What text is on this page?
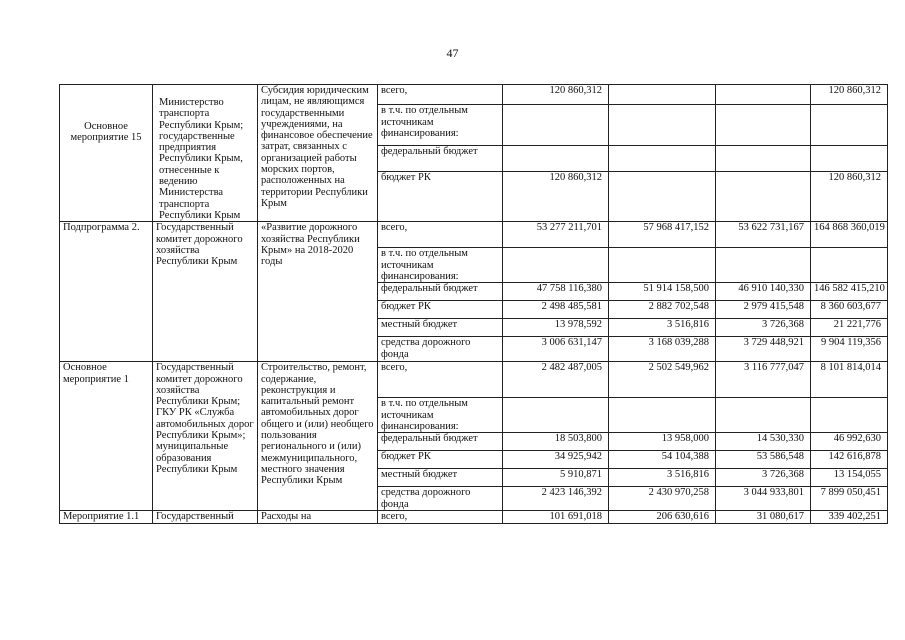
47
Основное мероприятие 15	Министерство транспорта Республики Крым; государственные предприятия Республики Крым, отнесенные к ведению Министерства транспорта Республики Крым	Субсидия юридическим лицам, не являющимся государственными учреждениями, на финансовое обеспечение затрат, связанных с организацией работы морских портов, расположенных на территории Республики Крым	всего,	120 860,312			120 860,312
			в т.ч. по отдельным источникам финансирования:				
			федеральный бюджет				
			бюджет РК	120 860,312			120 860,312
Подпрограмма 2.	Государственный комитет дорожного хозяйства Республики Крым	«Развитие дорожного хозяйства Республики Крым» на 2018-2020 годы	всего,	53 277 211,701	57 968 417,152	53 622 731,167	164 868 360,019
			в т.ч. по отдельным источникам финансирования:				
			федеральный бюджет	47 758 116,380	51 914 158,500	46 910 140,330	146 582 415,210
			бюджет РК	2 498 485,581	2 882 702,548	2 979 415,548	8 360 603,677
			местный бюджет	13 978,592	3 516,816	3 726,368	21 221,776
			средства дорожного фонда	3 006 631,147	3 168 039,288	3 729 448,921	9 904 119,356
Основное мероприятие 1	Государственный комитет дорожного хозяйства Республики Крым; ГКУ РК «Служба автомобильных дорог Республики Крым»; муниципальные образования Республики Крым	Строительство, ремонт, содержание, реконструкция и капитальный ремонт автомобильных дорог общего и (или) необщего пользования регионального и (или) межмуниципального, местного значения Республики Крым	всего,	2 482 487,005	2 502 549,962	3 116 777,047	8 101 814,014
			в т.ч. по отдельным источникам финансирования:				
			федеральный бюджет	18 503,800	13 958,000	14 530,330	46 992,630
			бюджет РК	34 925,942	54 104,388	53 586,548	142 616,878
			местный бюджет	5 910,871	3 516,816	3 726,368	13 154,055
			средства дорожного фонда	2 423 146,392	2 430 970,258	3 044 933,801	7 899 050,451
Мероприятие 1.1	Государственный	Расходы на	всего,	101 691,018	206 630,616	31 080,617	339 402,251
